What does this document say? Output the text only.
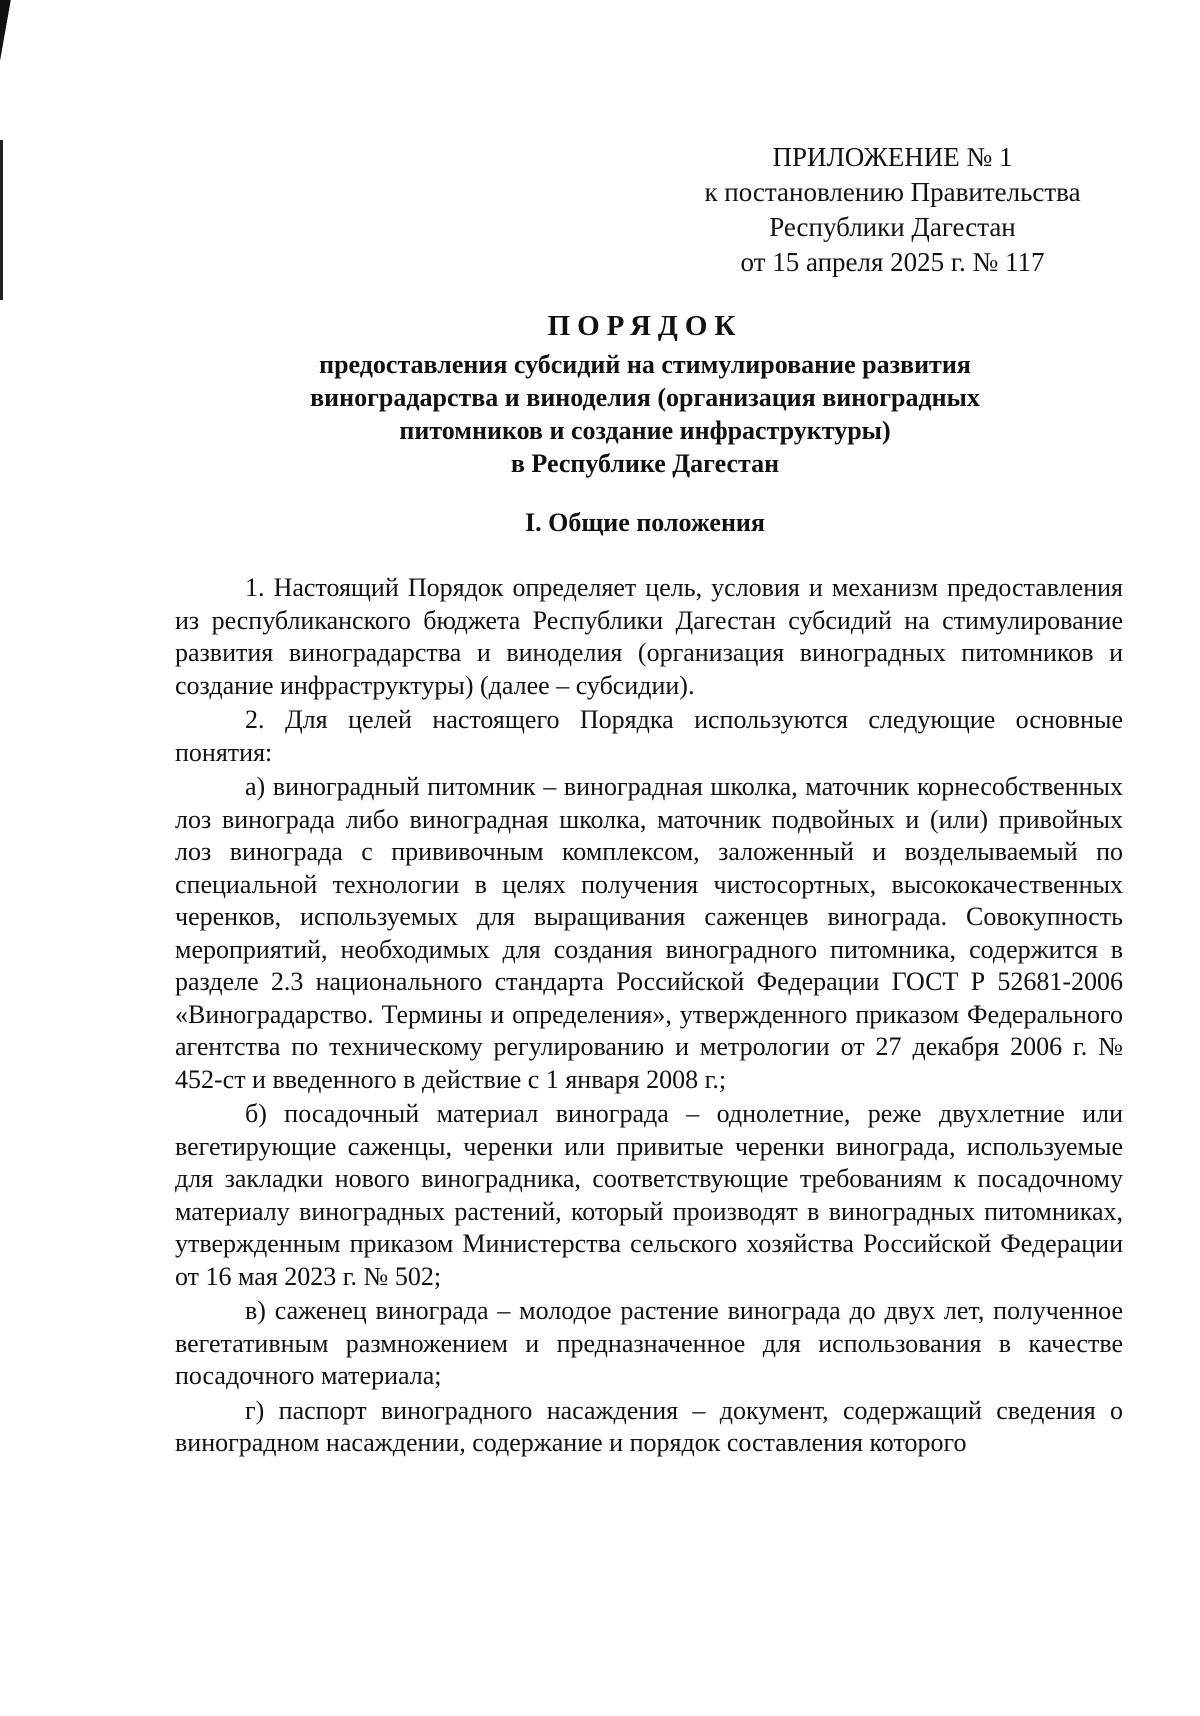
ПРИЛОЖЕНИЕ № 1
к постановлению Правительства
Республики Дагестан
от 15 апреля 2025 г. № 117
ПОРЯДОК
предоставления субсидий на стимулирование развития
виноградарства и виноделия (организация виноградных
питомников и создание инфраструктуры)
в Республике Дагестан
I. Общие положения

1. Настоящий Порядок определяет цель, условия и механизм предоставления из республиканского бюджета Республики Дагестан субсидий на стимулирование развития виноградарства и виноделия (организация виноградных питомников и создание инфраструктуры) (далее – субсидии).

2. Для целей настоящего Порядка используются следующие основные понятия:

а) виноградный питомник – виноградная школка, маточник корнесобственных лоз винограда либо виноградная школка, маточник подвойных и (или) привойных лоз винограда с прививочным комплексом, заложенный и возделываемый по специальной технологии в целях получения чистосортных, высококачественных черенков, используемых для выращивания саженцев винограда. Совокупность мероприятий, необходимых для создания виноградного питомника, содержится в разделе 2.3 национального стандарта Российской Федерации ГОСТ Р 52681-2006 «Виноградарство. Термины и определения», утвержденного приказом Федерального агентства по техническому регулированию и метрологии от 27 декабря 2006 г. № 452-ст и введенного в действие с 1 января 2008 г.;

б) посадочный материал винограда – однолетние, реже двухлетние или вегетирующие саженцы, черенки или привитые черенки винограда, используемые для закладки нового виноградника, соответствующие требованиям к посадочному материалу виноградных растений, который производят в виноградных питомниках, утвержденным приказом Министерства сельского хозяйства Российской Федерации от 16 мая 2023 г. № 502;

в) саженец винограда – молодое растение винограда до двух лет, полученное вегетативным размножением и предназначенное для использования в качестве посадочного материала;

г) паспорт виноградного насаждения – документ, содержащий сведения о виноградном насаждении, содержание и порядок составления которого
